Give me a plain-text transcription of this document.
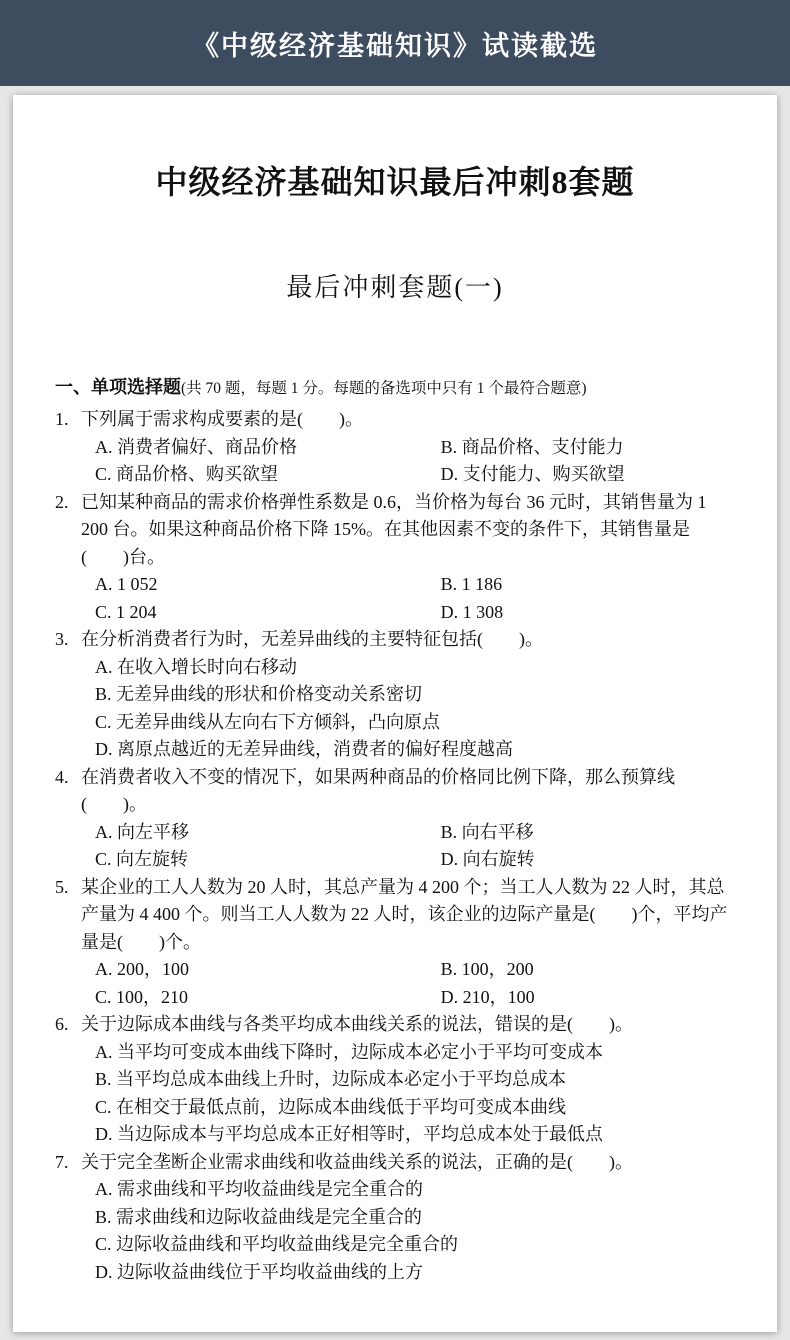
《中级经济基础知识》试读截选
中级经济基础知识最后冲刺8套题
最后冲刺套题(一)
一、单项选择题(共 70 题，每题 1 分。每题的备选项中只有 1 个最符合题意)
1. 下列属于需求构成要素的是(　　)。
A. 消费者偏好、商品价格	B. 商品价格、支付能力
C. 商品价格、购买欲望	D. 支付能力、购买欲望
2. 已知某种商品的需求价格弹性系数是 0.6，当价格为每台 36 元时，其销售量为 1 200 台。如果这种商品价格下降 15%。在其他因素不变的条件下，其销售量是(　　)台。
A. 1 052	B. 1 186
C. 1 204	D. 1 308
3. 在分析消费者行为时，无差异曲线的主要特征包括(　　)。
A. 在收入增长时向右移动
B. 无差异曲线的形状和价格变动关系密切
C. 无差异曲线从左向右下方倾斜，凸向原点
D. 离原点越近的无差异曲线，消费者的偏好程度越高
4. 在消费者收入不变的情况下，如果两种商品的价格同比例下降，那么预算线(　　)。
A. 向左平移	B. 向右平移
C. 向左旋转	D. 向右旋转
5. 某企业的工人人数为 20 人时，其总产量为 4 200 个；当工人人数为 22 人时，其总产量为 4 400 个。则当工人人数为 22 人时，该企业的边际产量是(　　)个，平均产量是(　　)个。
A. 200，100	B. 100，200
C. 100，210	D. 210，100
6. 关于边际成本曲线与各类平均成本曲线关系的说法，错误的是(　　)。
A. 当平均可变成本曲线下降时，边际成本必定小于平均可变成本
B. 当平均总成本曲线上升时，边际成本必定小于平均总成本
C. 在相交于最低点前，边际成本曲线低于平均可变成本曲线
D. 当边际成本与平均总成本正好相等时，平均总成本处于最低点
7. 关于完全垄断企业需求曲线和收益曲线关系的说法，正确的是(　　)。
A. 需求曲线和平均收益曲线是完全重合的
B. 需求曲线和边际收益曲线是完全重合的
C. 边际收益曲线和平均收益曲线是完全重合的
D. 边际收益曲线位于平均收益曲线的上方
